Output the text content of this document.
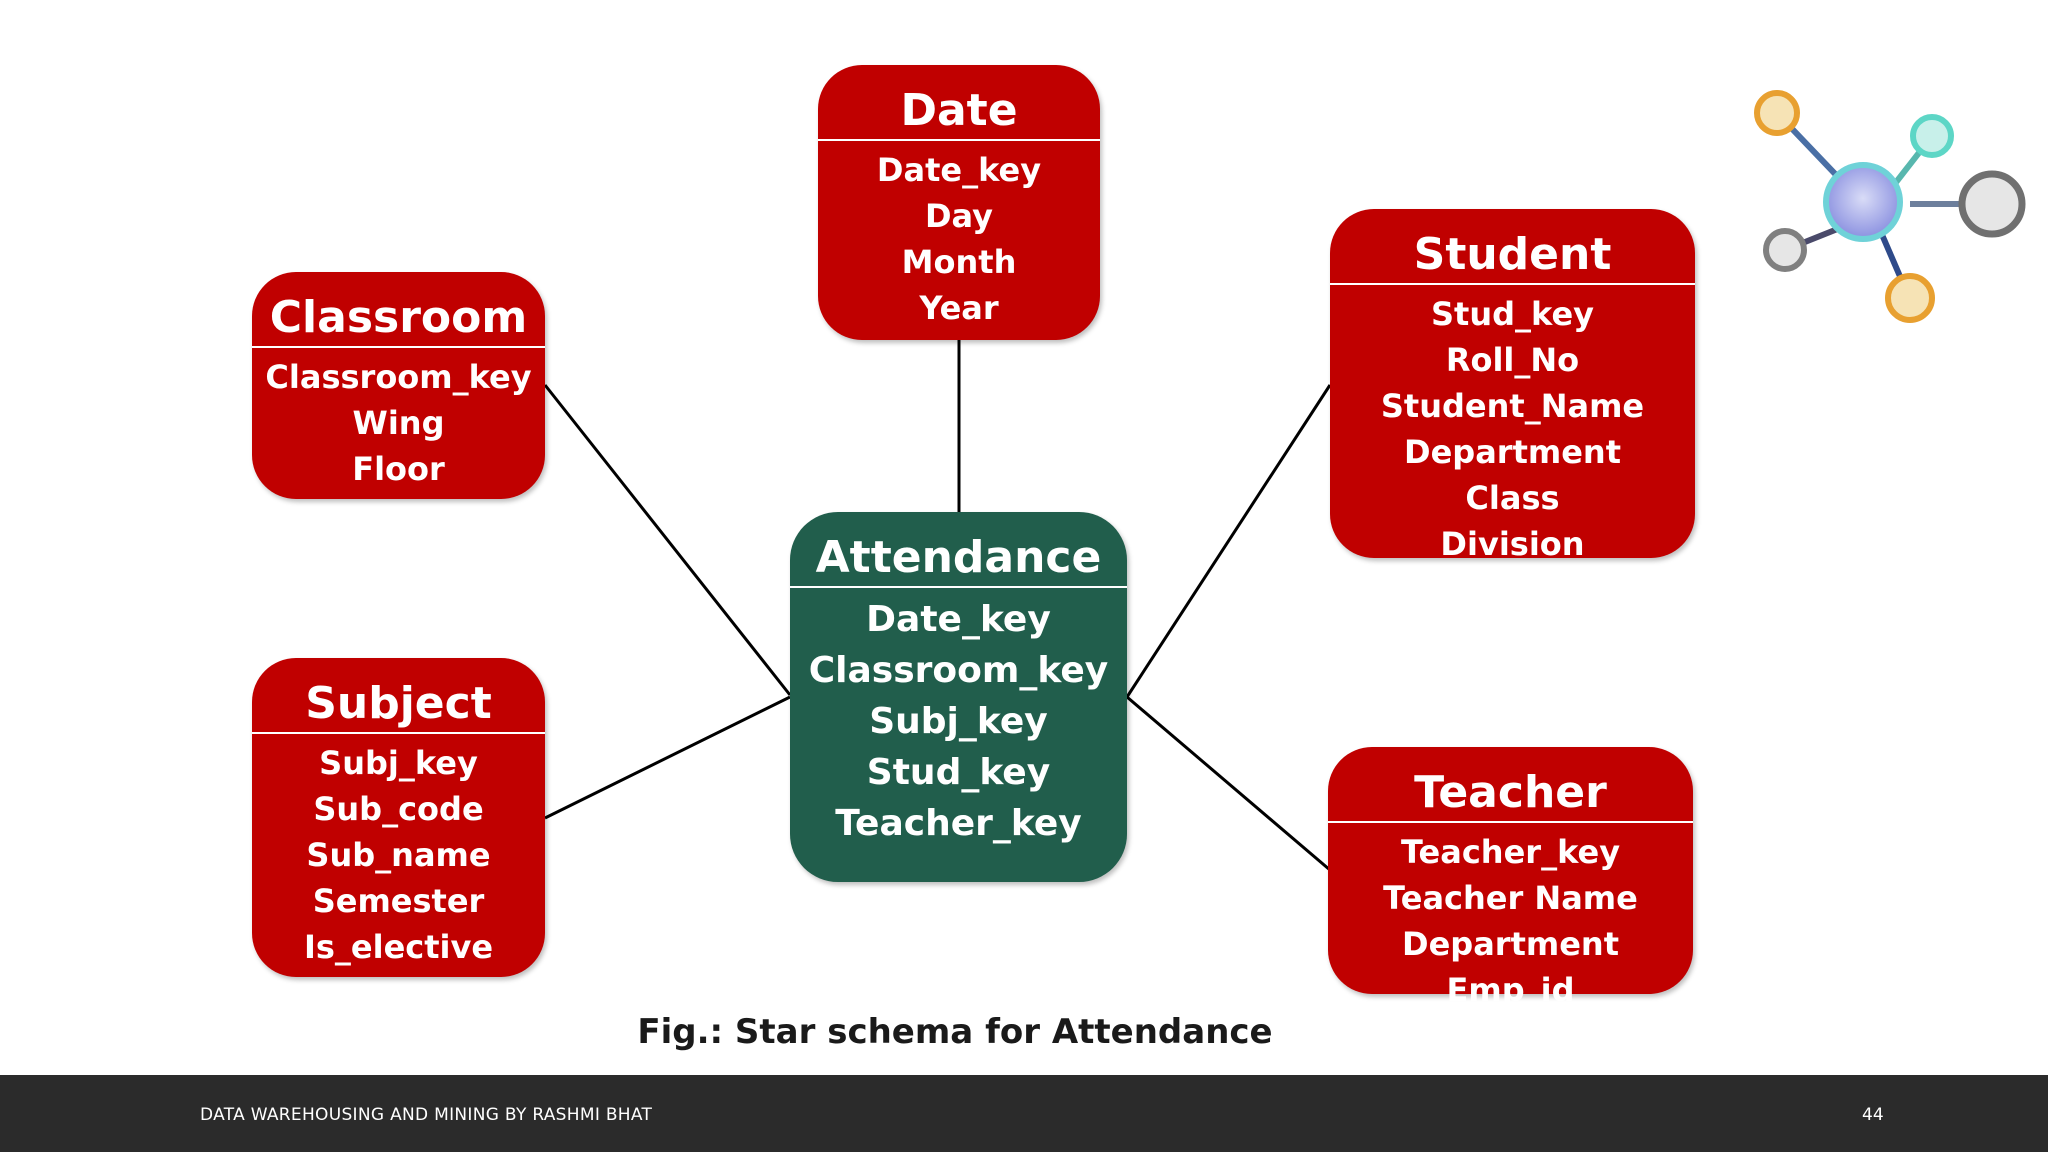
Date
Date_key
Day
Month
Year
Classroom
Classroom_key
Wing
Floor
Student
Stud_key
Roll_No
Student_Name
Department
Class
Division
Attendance
Date_key
Classroom_key
Subj_key
Stud_key
Teacher_key
Subject
Subj_key
Sub_code
Sub_name
Semester
Is_elective
Teacher
Teacher_key
Teacher Name
Department
Emp_id
Fig.: Star schema for Attendance
DATA WAREHOUSING AND MINING BY RASHMI BHAT	44
